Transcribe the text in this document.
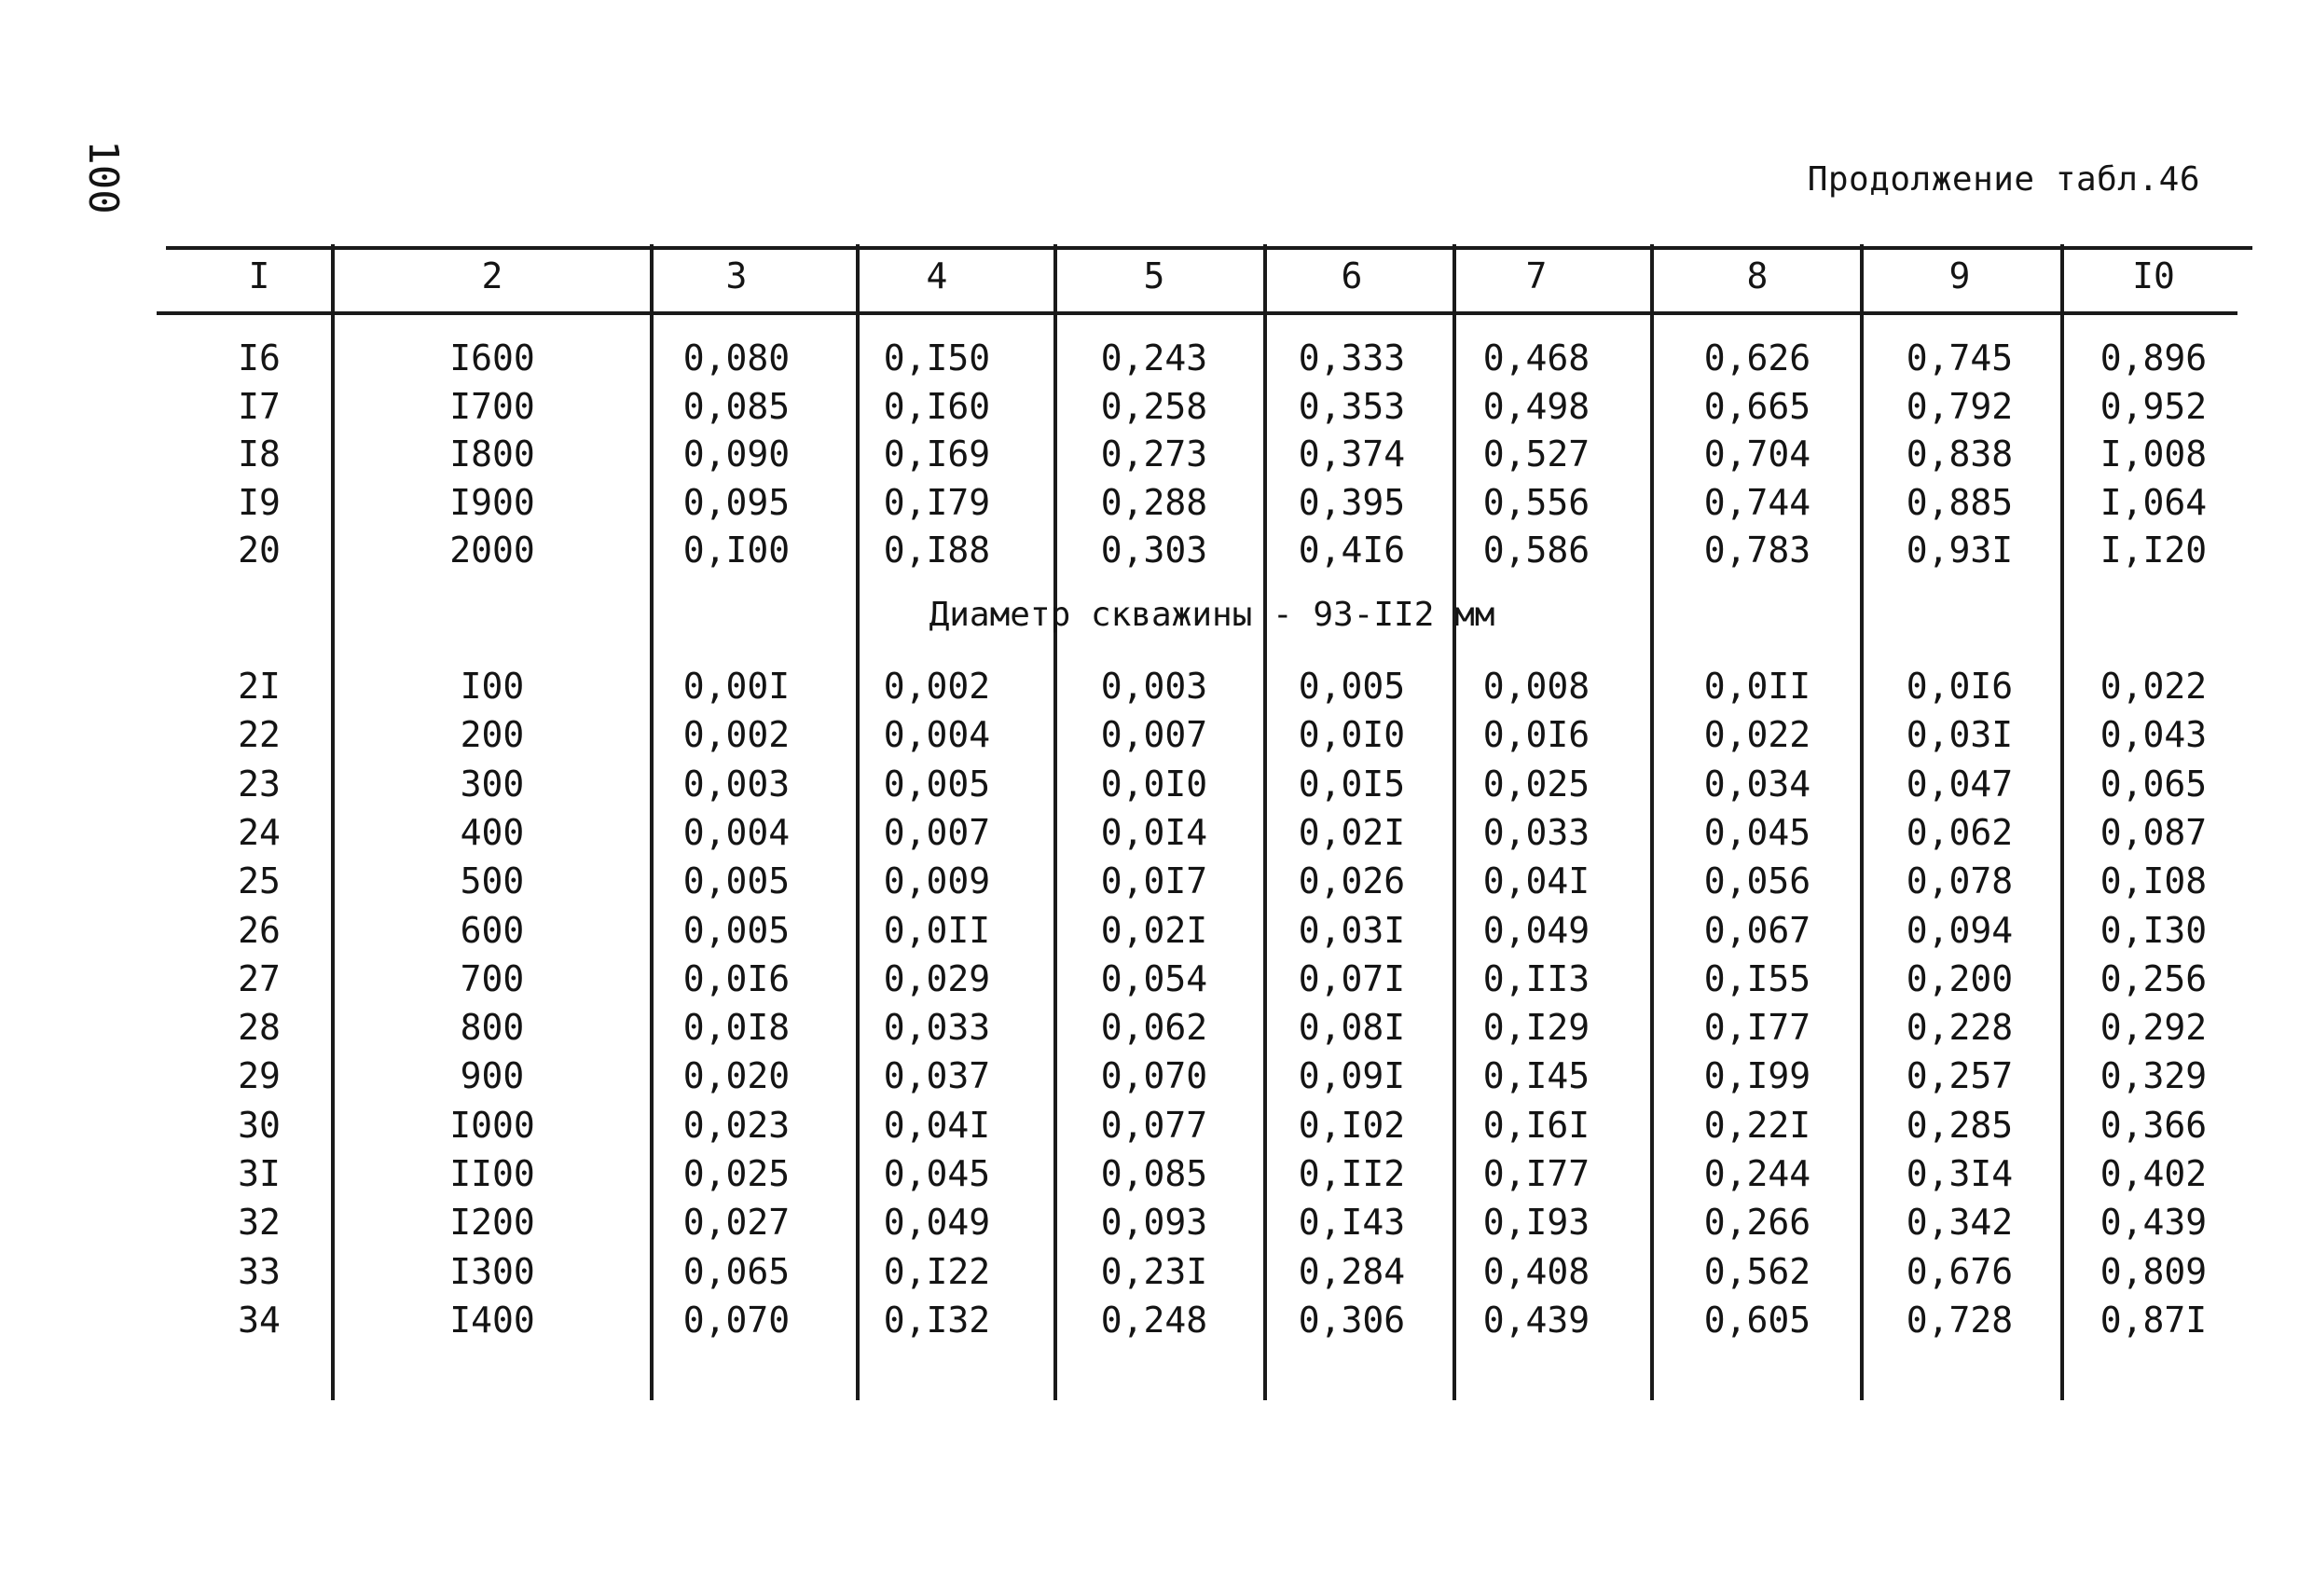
100	Продолжение табл.46
I	2	3	4	5	6	7	8	9	I0
I6	I600	0,080	0,I50	0,243	0,333	0,468	0,626	0,745	0,896
I7	I700	0,085	0,I60	0,258	0,353	0,498	0,665	0,792	0,952
I8	I800	0,090	0,I69	0,273	0,374	0,527	0,704	0,838	I,008
I9	I900	0,095	0,I79	0,288	0,395	0,556	0,744	0,885	I,064
20	2000	0,I00	0,I88	0,303	0,4I6	0,586	0,783	0,93I	I,I20
Диаметр скважины - 93-II2 мм
2I	I00	0,00I	0,002	0,003	0,005	0,008	0,0II	0,0I6	0,022
22	200	0,002	0,004	0,007	0,0I0	0,0I6	0,022	0,03I	0,043
23	300	0,003	0,005	0,0I0	0,0I5	0,025	0,034	0,047	0,065
24	400	0,004	0,007	0,0I4	0,02I	0,033	0,045	0,062	0,087
25	500	0,005	0,009	0,0I7	0,026	0,04I	0,056	0,078	0,I08
26	600	0,005	0,0II	0,02I	0,03I	0,049	0,067	0,094	0,I30
27	700	0,0I6	0,029	0,054	0,07I	0,II3	0,I55	0,200	0,256
28	800	0,0I8	0,033	0,062	0,08I	0,I29	0,I77	0,228	0,292
29	900	0,020	0,037	0,070	0,09I	0,I45	0,I99	0,257	0,329
30	I000	0,023	0,04I	0,077	0,I02	0,I6I	0,22I	0,285	0,366
3I	II00	0,025	0,045	0,085	0,II2	0,I77	0,244	0,3I4	0,402
32	I200	0,027	0,049	0,093	0,I43	0,I93	0,266	0,342	0,439
33	I300	0,065	0,I22	0,23I	0,284	0,408	0,562	0,676	0,809
34	I400	0,070	0,I32	0,248	0,306	0,439	0,605	0,728	0,87I
